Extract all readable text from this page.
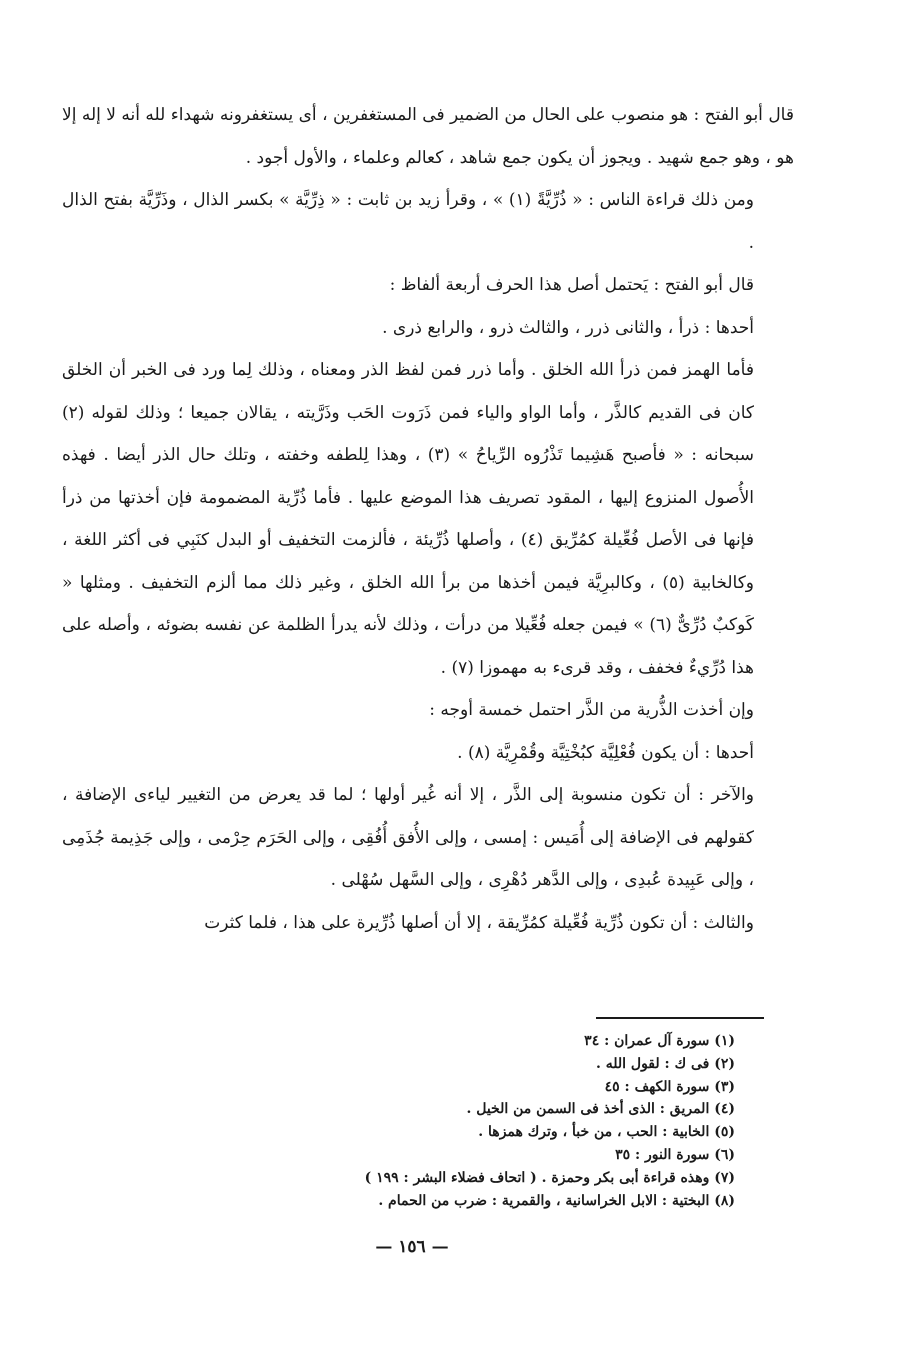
قال أبو الفتح : هو منصوب على الحال من الضمير فى المستغفرين ، أى يستغفرونه شهداء لله أنه لا إله إلا هو ، وهو جمع شهيد . ويجوز أن يكون جمع شاهد ، كعالم وعلماء ، والأول أجود .

ومن ذلك قراءة الناس : « ذُرِّيَّةً (١) » ، وقرأ زيد بن ثابت : « ذِرِّيَّة » بكسر الذال ، وذَرِّيَّة بفتح الذال .

قال أبو الفتح : يَحتمل أصل هذا الحرف أربعة ألفاظ :

أحدها : ذرأ ، والثانى ذرر ، والثالث ذرو ، والرابع ذرى .

فأما الهمز فمن ذرأ الله الخلق . وأما ذرر فمن لفظ الذر ومعناه ، وذلك لِما ورد فى الخبر أن الخلق كان فى القديم كالذَّر ، وأما الواو والياء فمن ذَرَوت الحَب وذَرَّيته ، يقالان جميعا ؛ وذلك لقوله (٢) سبحانه : « فأصبح هَشِيما تَذْرُوه الرِّياحُ » (٣) ، وهذا لِلطفه وخفته ، وتلك حال الذر أيضا . فهذه الأُصول المنزوع إليها ، المقود تصريف هذا الموضع عليها . فأما ذُرِّية المضمومة فإن أخذتها من ذرأ فإنها فى الأصل فُعِّيلة كمُرِّيق (٤) ، وأصلها ذُرِّيئة ، فألزمت التخفيف أو البدل كنَبِي فى أكثر اللغة ، وكالخابية (٥) ، وكالبرِيَّة فيمن أخذها من برأ الله الخلق ، وغير ذلك مما ألزم التخفيف . ومثلها « كَوكبٌ دُرِّىٌّ (٦) » فيمن جعله فُعِّيلا من درأت ، وذلك لأنه يدرأ الظلمة عن نفسه بضوئه ، وأصله على هذا دُرِّيءٌ فخفف ، وقد قرىء به مهموزا (٧) .

وإن أخذت الذُّرية من الذَّر احتمل خمسة أوجه :

أحدها : أن يكون فُعْلِيَّة كبُخْتِيَّة وقُمْرِيَّة (٨) .

والآخر : أن تكون منسوبة إلى الذَّر ، إلا أنه غُير أولها ؛ لما قد يعرض من التغيير لياءى الإضافة ، كقولهم فى الإضافة إلى أُمَيس : إمسى ، وإلى الأُفق أُفُقِى ، وإلى الحَرَم حِرْمى ، وإلى جَذِيمة جُذَمِى ، وإلى عَبِيدة عُبدِى ، وإلى الدَّهر دُهْرِى ، وإلى السَّهل سُهْلى .

والثالث : أن تكون ذُرِّية فُعِّيلة كمُرِّيقة ، إلا أن أصلها ذُرِّيرة على هذا ، فلما كثرت

(١) سورة آل عمران : ٣٤
(٢) فى ك : لقول الله .
(٣) سورة الكهف : ٤٥
(٤) المريق : الذى أخذ فى السمن من الخيل .
(٥) الخابية : الحب ، من خبأ ، وترك همزها .
(٦) سورة النور : ٣٥
(٧) وهذه قراءة أبى بكر وحمزة . ( اتحاف فضلاء البشر : ١٩٩ )
(٨) البختية : الابل الخراسانية ، والقمرية : ضرب من الحمام .
— ١٥٦ —
